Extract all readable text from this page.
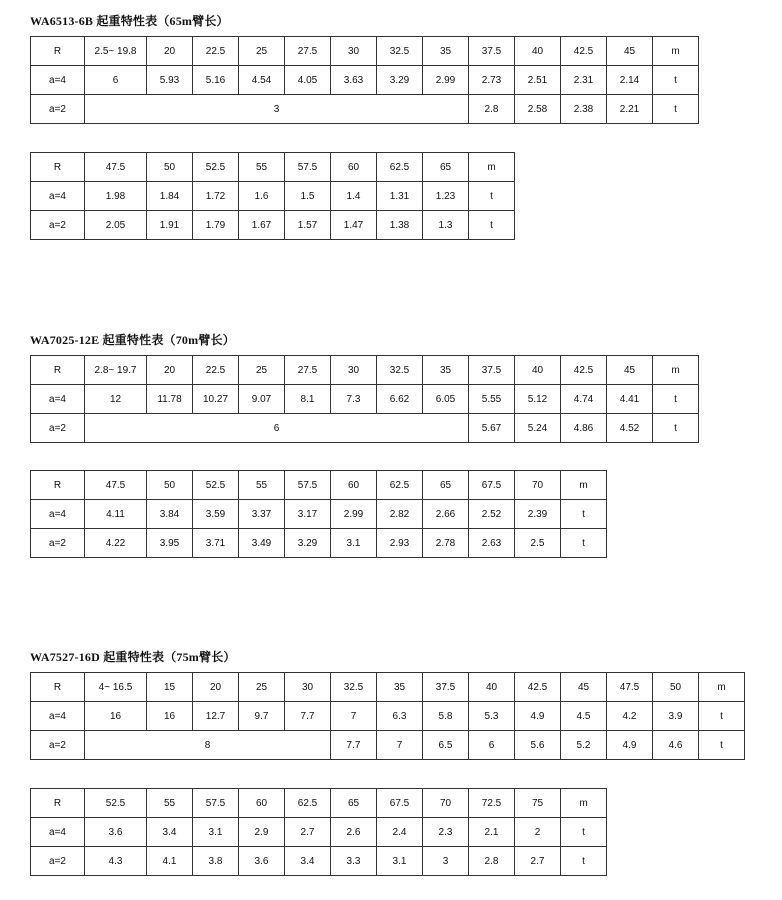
WA6513-6B 起重特性表（65m臂长）
R	2.5~ 19.8	20	22.5	25	27.5	30	32.5	35	37.5	40	42.5	45	m
a=4	6	5.93	5.16	4.54	4.05	3.63	3.29	2.99	2.73	2.51	2.31	2.14	t
a=2	3								2.8	2.58	2.38	2.21	t
R	47.5	50	52.5	55	57.5	60	62.5	65	m
a=4	1.98	1.84	1.72	1.6	1.5	1.4	1.31	1.23	t
a=2	2.05	1.91	1.79	1.67	1.57	1.47	1.38	1.3	t
WA7025-12E 起重特性表（70m臂长）
R	2.8~ 19.7	20	22.5	25	27.5	30	32.5	35	37.5	40	42.5	45	m
a=4	12	11.78	10.27	9.07	8.1	7.3	6.62	6.05	5.55	5.12	4.74	4.41	t
a=2	6								5.67	5.24	4.86	4.52	t
R	47.5	50	52.5	55	57.5	60	62.5	65	67.5	70	m
a=4	4.11	3.84	3.59	3.37	3.17	2.99	2.82	2.66	2.52	2.39	t
a=2	4.22	3.95	3.71	3.49	3.29	3.1	2.93	2.78	2.63	2.5	t
WA7527-16D 起重特性表（75m臂长）
R	4~ 16.5	15	20	25	30	32.5	35	37.5	40	42.5	45	47.5	50	m
a=4	16	16	12.7	9.7	7.7	7	6.3	5.8	5.3	4.9	4.5	4.2	3.9	t
a=2	8					7.7	7	6.5	6	5.6	5.2	4.9	4.6	t
R	52.5	55	57.5	60	62.5	65	67.5	70	72.5	75	m
a=4	3.6	3.4	3.1	2.9	2.7	2.6	2.4	2.3	2.1	2	t
a=2	4.3	4.1	3.8	3.6	3.4	3.3	3.1	3	2.8	2.7	t
